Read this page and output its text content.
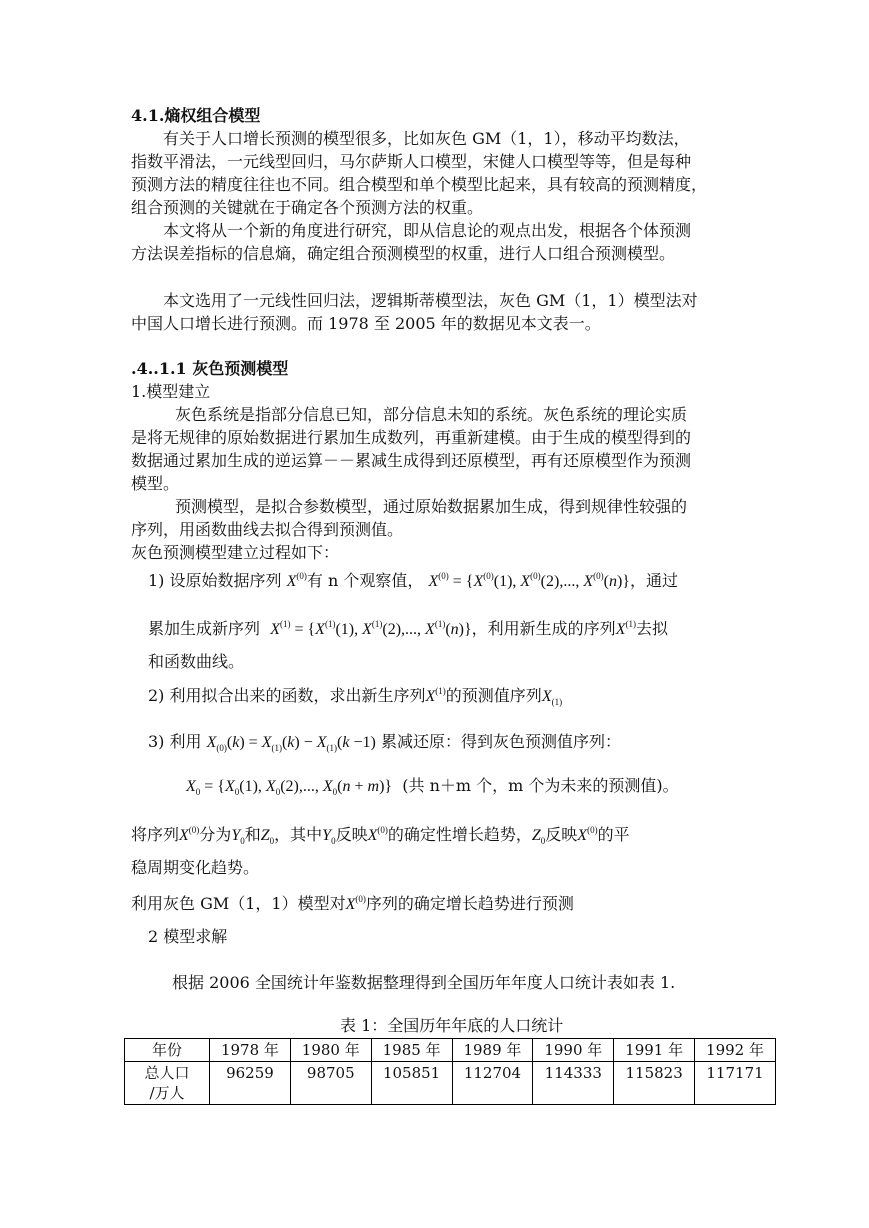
4.1.熵权组合模型
有关于人口增长预测的模型很多，比如灰色 GM（1，1），移动平均数法，
指数平滑法，一元线型回归，马尔萨斯人口模型，宋健人口模型等等，但是每种
预测方法的精度往往也不同。组合模型和单个模型比起来，具有较高的预测精度，
组合预测的关键就在于确定各个预测方法的权重。
本文将从一个新的角度进行研究，即从信息论的观点出发，根据各个体预测
方法误差指标的信息熵，确定组合预测模型的权重，进行人口组合预测模型。
本文选用了一元线性回归法，逻辑斯蒂模型法，灰色 GM（1，1）模型法对
中国人口增长进行预测。而 1978 至 2005 年的数据见本文表一。
.4..1.1 灰色预测模型
1.模型建立
灰色系统是指部分信息已知，部分信息未知的系统。灰色系统的理论实质
是将无规律的原始数据进行累加生成数列，再重新建模。由于生成的模型得到的
数据通过累加生成的逆运算－－累减生成得到还原模型，再有还原模型作为预测
模型。
预测模型，是拟合参数模型，通过原始数据累加生成，得到规律性较强的
序列，用函数曲线去拟合得到预测值。
灰色预测模型建立过程如下：
1) 设原始数据序列 $X^{(0)}$有 n 个观察值， $X^{(0)} = \{X^{(0)}(1)$, $X^{(0)}(2)$,..., $X^{(0)}(n)$}，通过
累加生成新序列 $X^{(1)} = \{X^{(1)}(1)$, $X^{(1)}(2)$,..., $X^{(1)}(n)$}，利用新生成的序列$X^{(1)}$去拟
和函数曲线。
2) 利用拟合出来的函数，求出新生序列$X^{(1)}$的预测值序列$X_{(1)}$
3) 利用 $X_{(0)}(k) = X_{(1)}(k) - X_{(1)}(k -1)$ 累减还原：得到灰色预测值序列：
$X_0 = \{X_0(1)$, $X_0(2)$,..., $X_0(n + m)$} (共 n＋m 个，m 个为未来的预测值)。
将序列$X^{(0)}$分为$Y_0$和$Z_0$，其中$Y_0$反映$X^{(0)}$的确定性增长趋势，$Z_0$反映$X^{(0)}$的平
稳周期变化趋势。
利用灰色 GM（1，1）模型对$X^{(0)}$序列的确定增长趋势进行预测
2 模型求解
根据 2006 全国统计年鉴数据整理得到全国历年年度人口统计表如表 1.
表 1：全国历年年底的人口统计
年份	1978 年	1980 年	1985 年	1989 年	1990 年	1991 年	1992 年

总人口
/万人	96259	98705	105851	112704	114333	115823	117171
